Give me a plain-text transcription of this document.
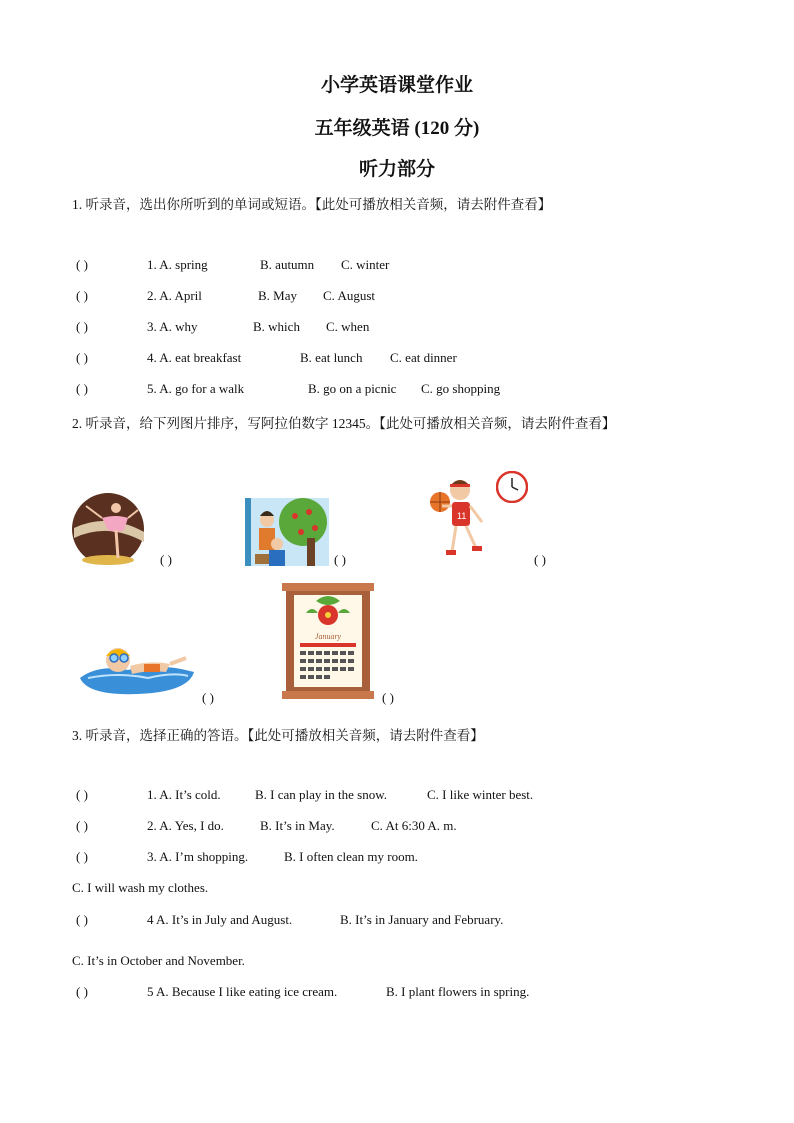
小学英语课堂作业
五年级英语 (120 分)
听力部分
1. 听录音，选出你所听到的单词或短语。【此处可播放相关音频，请去附件查看】
( )	1. A. spring	B. autumn C. winter
( )	2. A. April	B. May C. August
( )	3. A. why	B. which C. when
( )	4. A. eat breakfast	B. eat lunch C. eat dinner
( )	5. A. go for a walk	B. go on a picnic C. go shopping
2. 听录音，给下列图片排序，写阿拉伯数字 12345。【此处可播放相关音频，请去附件查看】
( )	( )
11
( )
( )
January
( )
3. 听录音，选择正确的答语。【此处可播放相关音频，请去附件查看】
( )	1. A. It’s cold.	B. I can play in the snow.	C. I like winter best.
( )	2. A. Yes, I do.	B. It’s in May.	C. At 6:30 A. m.
( )	3. A. I’m shopping.	B. I often clean my room.
C. I will wash my clothes.
( )	4 A. It’s in July and August.	B. It’s in January and February.
C. It’s in October and November.
( )	5 A. Because I like eating ice cream.	B. I plant flowers in spring.
